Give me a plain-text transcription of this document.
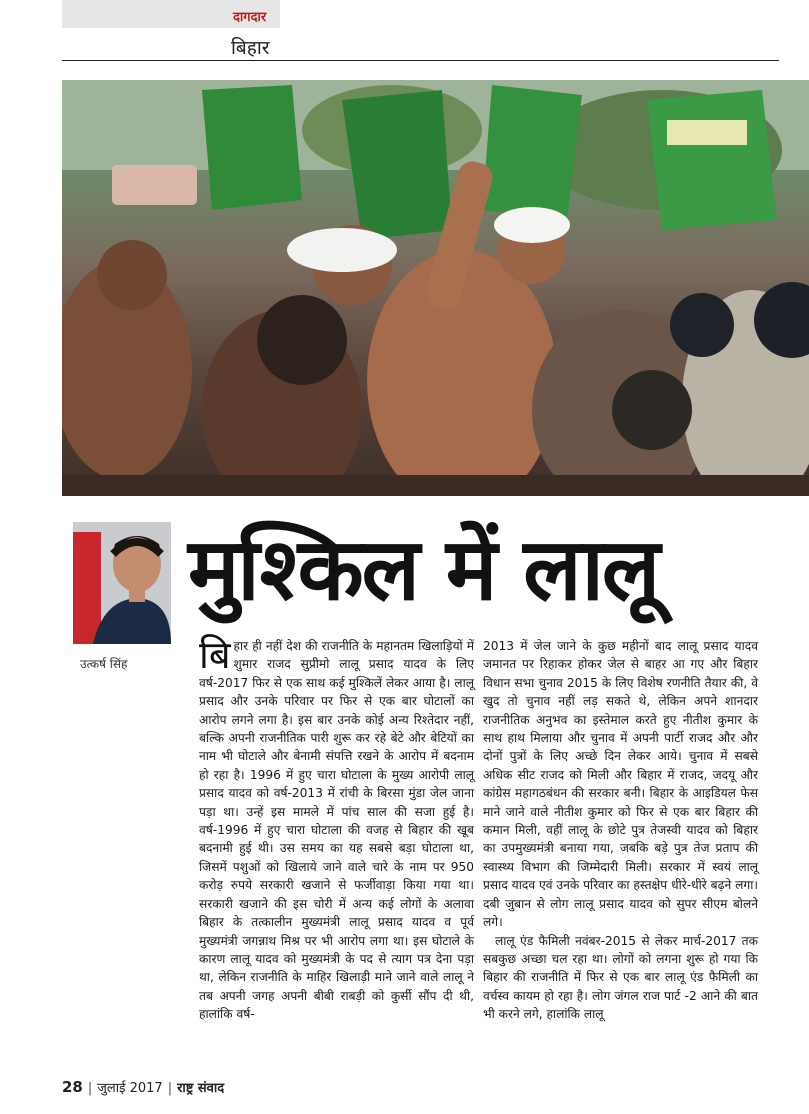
दागदार
बिहार
उत्कर्ष सिंह
मुश्किल में लालू

बिहार ही नहीं देश की राजनीति के महानतम खिलाड़ियों में शुमार राजद सुप्रीमो लालू प्रसाद यादव के लिए वर्ष-2017 फिर से एक साथ कई मुश्किलें लेकर आया है। लालू प्रसाद और उनके परिवार पर फिर से एक बार घोटालों का आरोप लगने लगा है। इस बार उनके कोई अन्य रिश्तेदार नहीं, बल्कि अपनी राजनीतिक पारी शुरू कर रहे बेटे और बेटियों का नाम भी घोटाले और बेनामी संपत्ति रखने के आरोप में बदनाम हो रहा है। 1996 में हुए चारा घोटाला के मुख्य आरोपी लालू प्रसाद यादव को वर्ष-2013 में रांची के बिरसा मुंडा जेल जाना पड़ा था। उन्हें इस मामले में पांच साल की सजा हुई है। वर्ष-1996 में हुए चारा घोटाला की वजह से बिहार की खूब बदनामी हुई थी। उस समय का यह सबसे बड़ा घोटाला था, जिसमें पशुओं को खिलाये जाने वाले चारे के नाम पर 950 करोड़ रुपये सरकारी खजाने से फर्जीवाड़ा किया गया था। सरकारी खजाने की इस चोरी में अन्य कई लोगों के अलावा बिहार के तत्कालीन मुख्यमंत्री लालू प्रसाद यादव व पूर्व मुख्यमंत्री जगन्नाथ मिश्र पर भी आरोप लगा था। इस घोटाले के कारण लालू यादव को मुख्यमंत्री के पद से त्याग पत्र देना पड़ा था, लेकिन राजनीति के माहिर खिलाड़ी माने जाने वाले लालू ने तब अपनी जगह अपनी बीबी राबड़ी को कुर्सी सौंप दी थी, हालांकि वर्ष-

2013 में जेल जाने के कुछ महीनों बाद लालू प्रसाद यादव जमानत पर रिहाकर होकर जेल से बाहर आ गए और बिहार विधान सभा चुनाव 2015 के लिए विशेष रणनीति तैयार की, वे खुद तो चुनाव नहीं लड़ सकते थे, लेकिन अपने शानदार राजनीतिक अनुभव का इस्तेमाल करते हुए नीतीश कुमार के साथ हाथ मिलाया और चुनाव में अपनी पार्टी राजद और और दोनों पुत्रों के लिए अच्छे दिन लेकर आये। चुनाव में सबसे अधिक सीट राजद को मिली और बिहार में राजद, जदयू और कांग्रेस महागठबंधन की सरकार बनी। बिहार के आइडियल फेस माने जाने वाले नीतीश कुमार को फिर से एक बार बिहार की कमान मिली, वहीं लालू के छोटे पुत्र तेजस्वी यादव को बिहार का उपमुख्यमंत्री बनाया गया, जबकि बड़े पुत्र तेज प्रताप की स्वास्थ्य विभाग की जिम्मेदारी मिली। सरकार में स्वयं लालू प्रसाद यादव एवं उनके परिवार का हस्तक्षेप धीरे-धीरे बढ़ने लगा। दबी जुबान से लोग लालू प्रसाद यादव को सुपर सीएम बोलने लगे।

लालू एंड फैमिली नवंबर-2015 से लेकर मार्च-2017 तक सबकुछ अच्छा चल रहा था। लोगों को लगना शुरू हो गया कि बिहार की राजनीति में फिर से एक बार लालू एंड फैमिली का वर्चस्व कायम हो रहा है। लोग जंगल राज पार्ट -2 आने की बात भी करने लगे, हालांकि लालू

28 | जुलाई 2017 | राष्ट्र संवाद
